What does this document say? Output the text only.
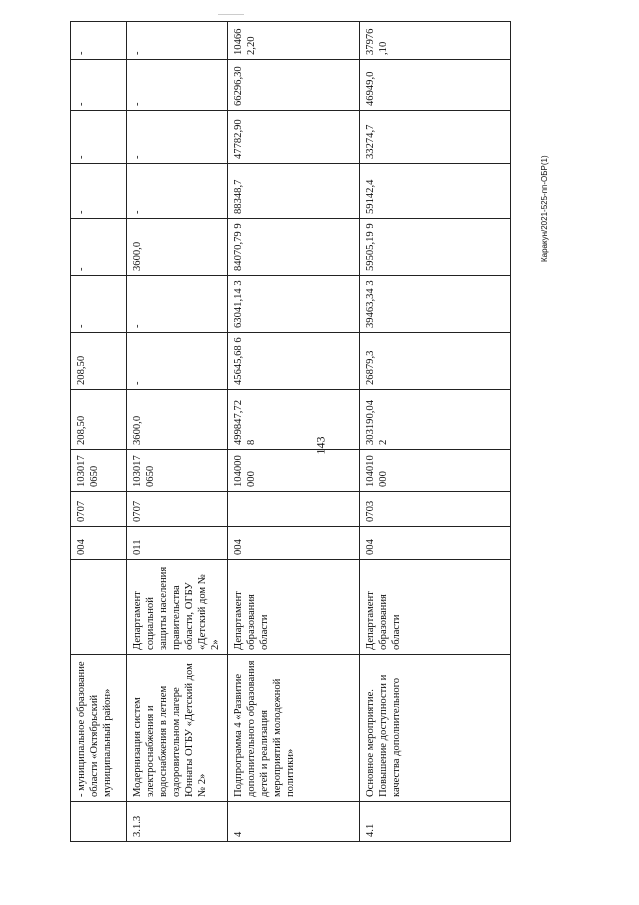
143
Каракун/2021-525-пп-ОБР(1)
	- муниципальное образование области «Октябрьский муниципальный район»		004	0707	103017 0650	208,50	208,50	-	-	-	-	-	-
3.1.3	Модернизация систем электроснабжения и водоснабжения в летнем оздоровительном лагере Юннаты ОГБУ «Детский дом № 2»	Департамент социальной защиты населения правительства области, ОГБУ «Детский дом № 2»	011	0707	103017 0650	3600,0	-	-	3600,0	-	-	-	-
4	Подпрограмма 4 «Развитие дополнительного образования детей и реализация мероприятий молодежной политики»	Департамент образования области	004		104000 000	499847,72 8	45645,68 6	63041,14 3	84070,79 9	88348,7	47782,90	66296,30	104662,20
4.1	Основное мероприятие. Повышение доступности и качества дополнительного	Департамент образования области	004	0703	104010 000	303190,04 2	26879,3	39463,34 3	59505,19 9	59142,4	33274,7	46949,0	37976,10
